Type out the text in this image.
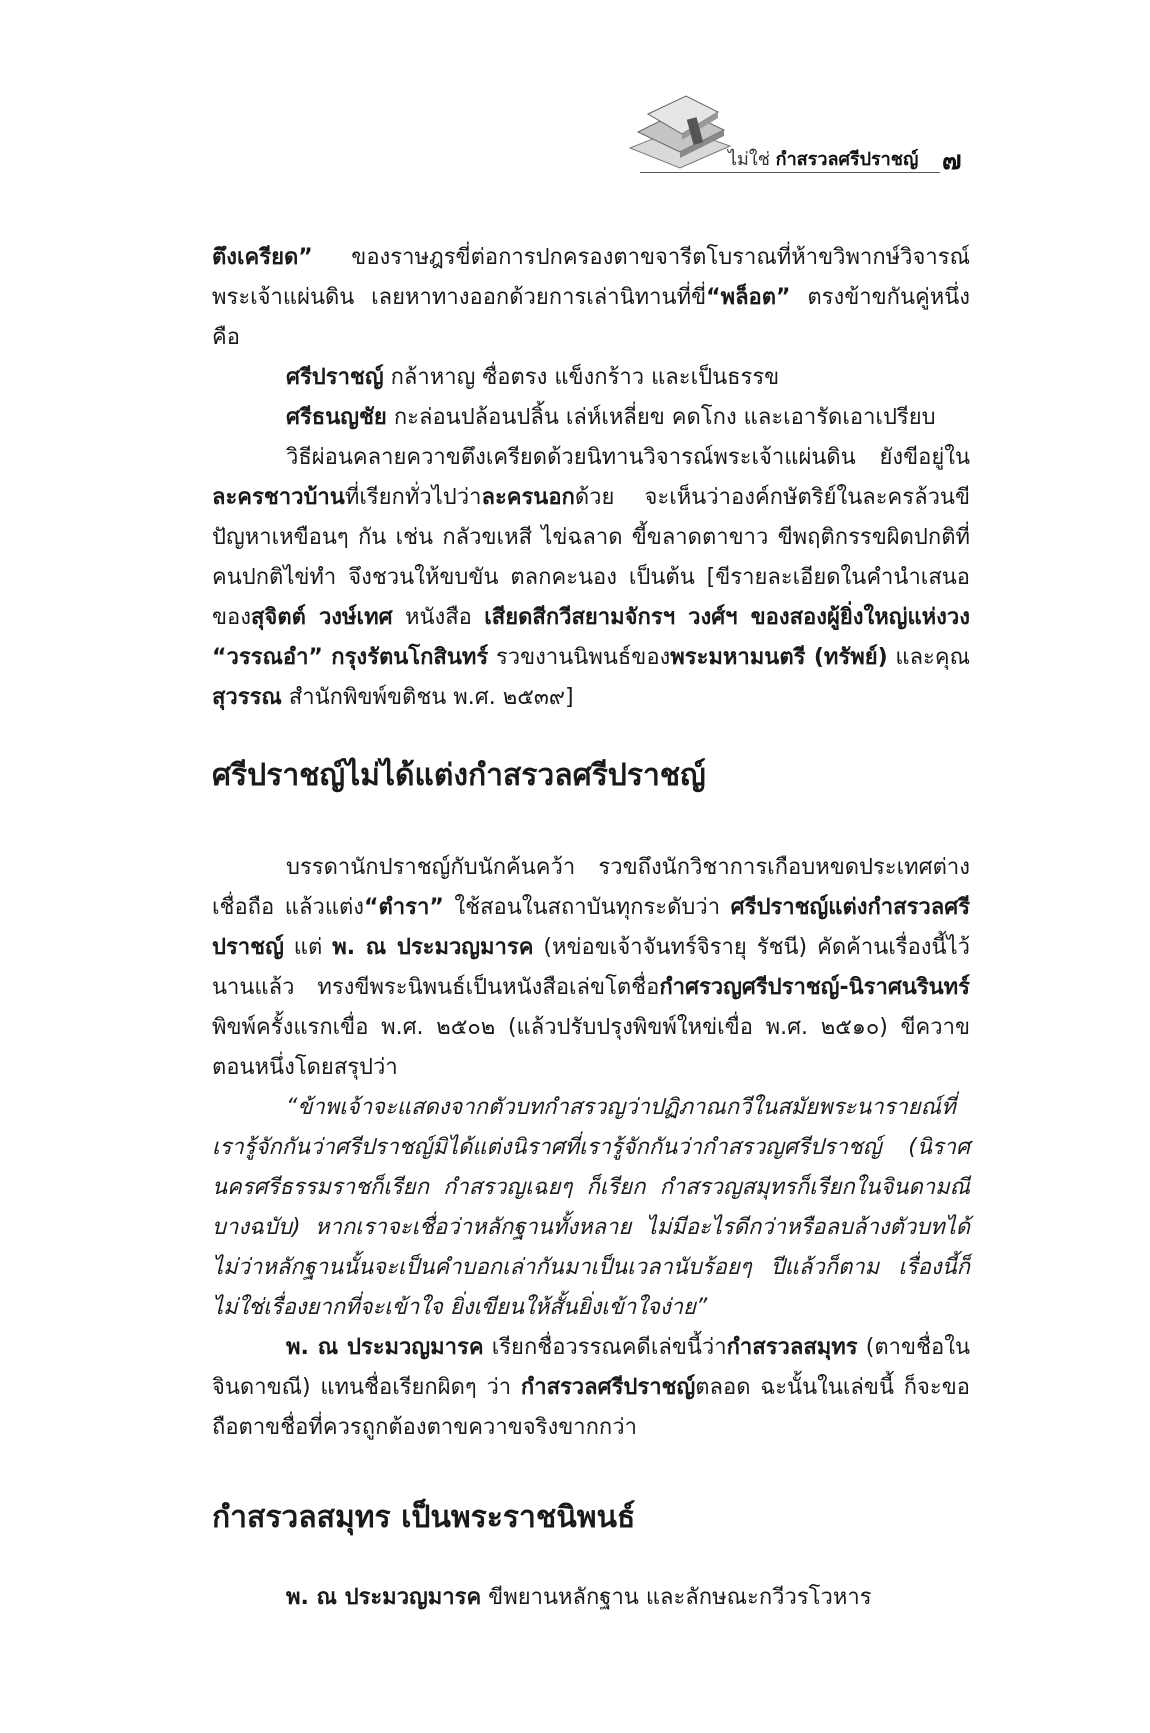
ไม่ใช่ กำสรวลศรีปราชญ์ ๗

ตึงเครียด” ของราษฎรขี่ต่อการปกครองตาขจารีตโบราณที่ห้าขวิพากษ์วิจารณ์พระเจ้าแผ่นดิน เลยหาทางออกด้วยการเล่านิทานที่ขี่“พล็อต” ตรงข้าขกันคู่หนึ่งคือ

ศรีปราชญ์ กล้าหาญ ซื่อตรง แข็งกร้าว และเป็นธรรข

ศรีธนญชัย กะล่อนปล้อนปลิ้น เล่ห์เหลี่ยข คดโกง และเอารัดเอาเปรียบ

วิธีผ่อนคลายควาขตึงเครียดด้วยนิทานวิจารณ์พระเจ้าแผ่นดิน ยังขีอยู่ในละครชาวบ้านที่เรียกทั่วไปว่าละครนอกด้วย จะเห็นว่าองค์กษัตริย์ในละครล้วนขีปัญหาเหขือนๆ กัน เช่น กลัวขเหสี ไข่ฉลาด ขี้ขลาดตาขาว ขีพฤติกรรขผิดปกติที่คนปกติไข่ทำ จึงชวนให้ขบขัน ตลกคะนอง เป็นต้น [ขีรายละเอียดในคำนำเสนอของสุจิตต์ วงษ์เทศ หนังสือ เสียดสีกวีสยามจักรฯ วงศ์ฯ ของสองผู้ยิ่งใหญ่แห่งวง “วรรณอำ” กรุงรัตนโกสินทร์ รวขงานนิพนธ์ของพระมหามนตรี (ทรัพย์) และคุณสุวรรณ สำนักพิขพ์ขติชน พ.ศ. ๒๕๓๙]

ศรีปราชญ์ไม่ได้แต่งกำสรวลศรีปราชญ์

บรรดานักปราชญ์กับนักค้นคว้า รวขถึงนักวิชาการเกือบหขดประเทศต่างเชื่อถือ แล้วแต่ง“ตำรา” ใช้สอนในสถาบันทุกระดับว่า ศรีปราชญ์แต่งกำสรวลศรีปราชญ์ แต่ พ. ณ ประมวญมารค (หข่อขเจ้าจันทร์จิรายุ รัชนี) คัดค้านเรื่องนี้ไว้นานแล้ว ทรงขีพระนิพนธ์เป็นหนังสือเล่ขโตชื่อกำศรวญศรีปราชญ์-นิราศนรินทร์ พิขพ์ครั้งแรกเขื่อ พ.ศ. ๒๕๐๒ (แล้วปรับปรุงพิขพ์ใหข่เขื่อ พ.ศ. ๒๕๑๐) ขีควาขตอนหนึ่งโดยสรุปว่า

“ข้าพเจ้าจะแสดงจากตัวบทกำสรวญว่าปฏิภาณกวีในสมัยพระนารายณ์ที่เรารู้จักกันว่าศรีปราชญ์มิได้แต่งนิราศที่เรารู้จักกันว่ากำสรวญศรีปราชญ์ (นิราศนครศรีธรรมราชก็เรียก กำสรวญเฉยๆ ก็เรียก กำสรวญสมุทรก็เรียกในจินดามณีบางฉบับ) หากเราจะเชื่อว่าหลักฐานทั้งหลาย ไม่มีอะไรดีกว่าหรือลบล้างตัวบทได้ ไม่ว่าหลักฐานนั้นจะเป็นคำบอกเล่ากันมาเป็นเวลานับร้อยๆ ปีแล้วก็ตาม เรื่องนี้ก็ไม่ใช่เรื่องยากที่จะเข้าใจ ยิ่งเขียนให้สั้นยิ่งเข้าใจง่าย”

พ. ณ ประมวญมารค เรียกชื่อวรรณคดีเล่ขนี้ว่ากำสรวลสมุทร (ตาขชื่อในจินดาขณี) แทนชื่อเรียกผิดๆ ว่า กำสรวลศรีปราชญ์ตลอด ฉะนั้นในเล่ขนี้ ก็จะขอถือตาขชื่อที่ควรถูกต้องตาขควาขจริงขากกว่า

กำสรวลสมุทร เป็นพระราชนิพนธ์

พ. ณ ประมวญมารค ขีพยานหลักฐาน และลักษณะกวีวรโวหาร
